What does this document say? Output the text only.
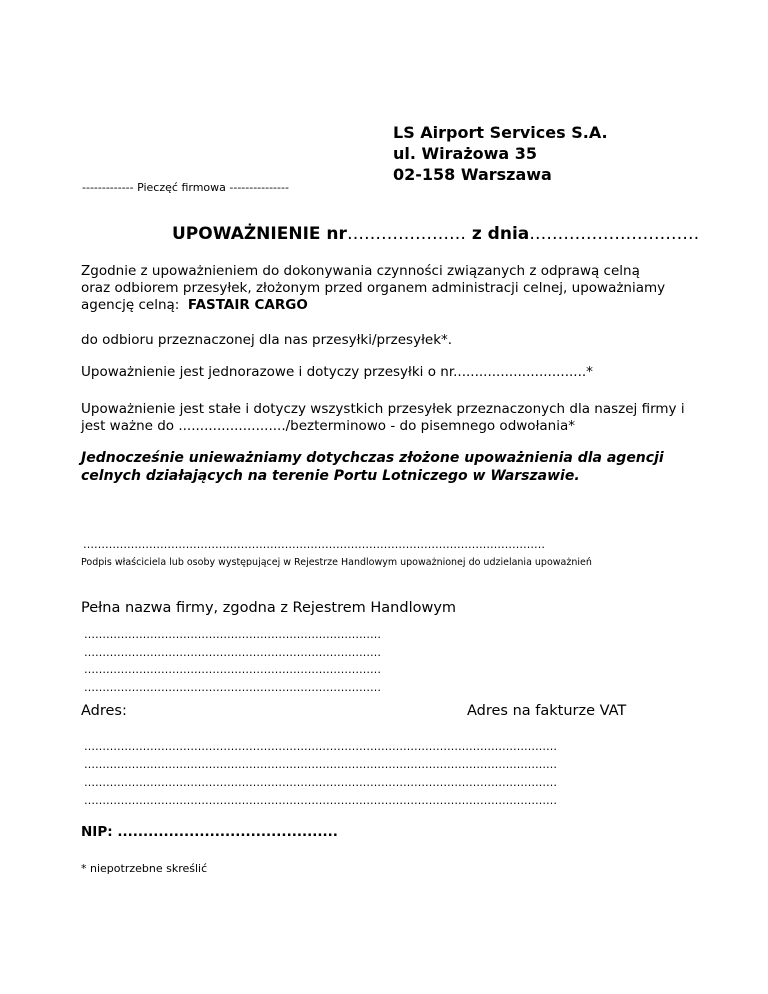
LS Airport Services S.A.
ul. Wirażowa 35
02-158 Warszawa
------------- Pieczęć firmowa ---------------
UPOWAŻNIENIE nr………………… z dnia…………………………
Zgodnie z upoważnieniem do dokonywania czynności związanych z odprawą celną
oraz odbiorem przesyłek, złożonym przed organem administracji celnej, upoważniamy
agencję celną:  FASTAIR CARGO
do odbioru przeznaczonej dla nas przesyłki/przesyłek*.
Upoważnienie jest jednorazowe i dotyczy przesyłki o nr...............................*
Upoważnienie jest stałe i dotyczy wszystkich przesyłek przeznaczonych dla naszej firmy i
jest ważne do ........................./bezterminowo - do pisemnego odwołania*
Jednocześnie unieważniamy dotychczas złożone upoważnienia dla agencji
celnych działających na terenie Portu Lotniczego w Warszawie.
………………………………………………………………………………………………………………
Podpis właściciela lub osoby występującej w Rejestrze Handlowym upoważnionej do udzielania upoważnień
Pełna nazwa firmy, zgodna z Rejestrem Handlowym
………………………………………………………………………
………………………………………………………………………
………………………………………………………………………
………………………………………………………………………
Adres:	Adres na fakturze VAT
…………………………………………………………………………………………………………………
…………………………………………………………………………………………………………………
…………………………………………………………………………………………………………………
…………………………………………………………………………………………………………………
NIP: ...........................................
* niepotrzebne skreślić
